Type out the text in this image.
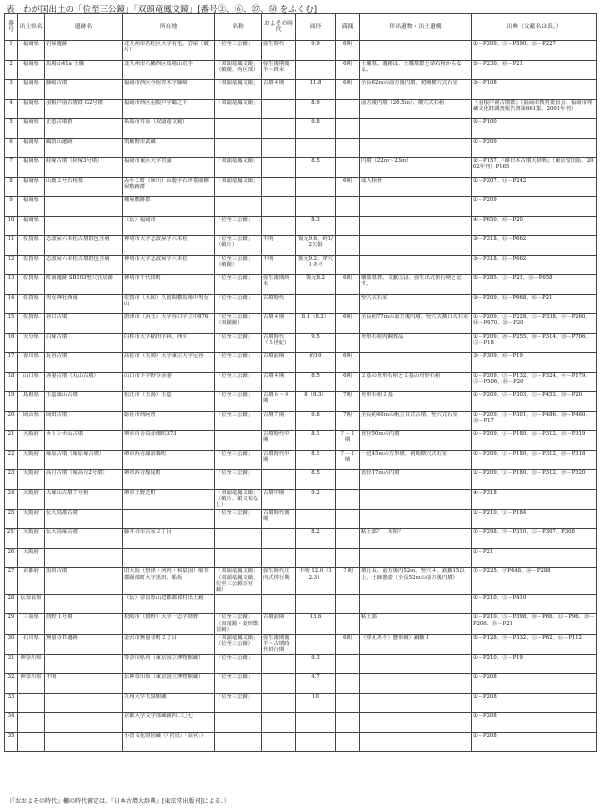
表　わが国出土の「位至三公鏡」「双頭竜鳳文鏡」[番号②、⑥、㉗、㊿ をふくむ]
番号	出土県名	遺跡名	所在地	名称	およその時代	面径	満銭	伴出遺物・出土遺構	出典（文献名は表。）
1	福岡県	岩屋遺跡	北九州市若松区大字有毛、岩屋（破片）	「位至三公鏡」	弥生時代	9.9	6期		①－P209、⑤－P590、⑪－P227
2	福岡県	馬場山41a 土壙	北九州市八幡西区馬場山荒手	「双頭竜鳳文鏡」（破鏡、内区部）	弥生後期後半～終末		6期	土壙墓。遺跡は、土壙墓群と命石棺からなる。	⑤－P230、㊺－P21
3	福岡県	藤崎古墳	福岡市西区今宿青木字藤崎	「双頭竜鳳文鏡」	古墳４期	11.8	6期	全長62ｍの前方後円墳、初期横穴式石室	③－P108
4	福岡県	羽根戸南古墳群 G2号墳	福岡市西区羽根戸字鶴之下	「双頭竜鳳文鏡」		8.9		前方後円墳（26.5ｍ）、横穴式石棺	『羽根戸南古墳群』（福岡市教育委員会、福岡市埋蔵文化財調査報告書第661集、2001年刊）
5	福岡県	正恵古墳群	糸島市井原（双頭竜文鏡）			9.8			⑤－P100
6	福岡県	鶴田山遺跡	筑紫野市武蔵						①－P209
7	福岡県	経塚古墳（経塚3号墳）	福岡市東区大字宮浦	「双頭竜鳳文鏡」		8.5		円墳（22ｍ～23ｍ）	②－P157、『維日本古墳大辞典』（東京堂出版、2002年刊）P165
8	福岡県	山鹿２号石棺墓	みやこ町（犀川）山鹿字石坪茶園種屋敷跡群	「双頭竜鳳文鏡」			6期	成人棺骨	①－P207、⑪－P242
9	福岡県		種屋敷跡群						①－P209
10	福岡県		（伝）福岡市	「位至三公鏡」		8.3			④－P650、㊺－P20
11	佐賀県	志波屋六本松古墳群包含層	神埼市大字志波屋字六本松	「位至三公鏡」（破片）	不明	復元9.6、約1/2欠損			③－P318、⑮－P662
12	佐賀県	志波屋六本松古墳群包含層	神埼市大字志波屋字六本松	「位至三公鏡」（破鏡）	不明	復元9.2、穿穴１あり			③－P318、⑮－P662
13	佐賀県	町南遺跡 SB103竪穴住居跡	神埼市千代田町	「位至三公鏡」	弥生後期終末	復元8.2	6期	壙墓墓葬。文献⑤は、弥生出式併行期と記す。	⑤－P285、②－P21、⑮－P658
14	佐賀県	男女神社西南	佐賀市（大和）久留間横馬場中男女山	「位至三公鏡」	古墳時代			竪穴式石室	③－P209、⑮－P668、㊺－P21
15	佐賀県	谷口古墳	唐津市（浜玉）大字谷口字立中876	「位至三公鏡」（双鏡鏡）	古墳４期	8.1（8.2）	6期	全長約77ｍの前方後円墳、竪穴式横口式石室	①－P209、②－P228、⑤－P338、④－P260、⑭－P670、㉖－P20
16	大分県	白塚古墳	臼杵市大字稲田字林、西平	「位至三公鏡」	古墳時代（５世紀）	9.5		舟形石棺内鋼葬品	①－P209、⑳－P255、⑳－P314、⑳－P706、⑤－P18
17	香川県	瓦谷古墳	高松市（五剣）大字東庄大字尼谷	「位至三公鏡」	古墳前期	約10	6期		③－P309、㊺－P19
18	山口県	赤妻古墳（丸山古墳）	山口市下宇野令赤妻	「位至三公鏡」	古墳４期	8.5	6期	２基の舟形石棺と１基の舟形石棺	①－P209、⑤－P132、⑤－P324、④－P179、⑤－P506、㊺－P20
19	島根県	玉造築山古墳	松江市（玉湯）玉造	「位至三公鏡」	古墳６～８期	8（8.3）	7期	舟形石棺２基	①－P209、⑤－P303、⑤－P452、㉖－P20
20	岡山県	岡田古墳	総社市西阿曽	「位至三公鏡」	古墳７期	9.8	7期	全長約40ｍの帆立貝式古墳、竪穴式石室	①－P209、③－P301、⑤－P486、⑳－P460、⑳－P17
21	大阪府	カトンボ山古墳	堺市百舌鳥赤畑町373		古墳時代中期	8.1	７－１期	直径50ｍの円墳	①－P209、①－P180、⑪－P312、⑲－P319
22	大阪府	塚原古墳（塚原塚古墳）	堺市浜寺諏訪森町	「位至三公鏡」	古墳時代中期	8.1	７－１期	一辺45ｍの方形墳、初期横穴式石室	①－P209、①－P180、⑪－P312、⑲－P318
23	大阪府	高月古墳（塚高月2号墳）	堺市浜寺船尾町	「位至三公鏡」		8.5		直径17ｍの円墳	①－P209、①－P180、⑪－P312、⑲－P320
24	大阪府	大塚山古墳７号棺	堺市上野芝町	「双頭竜鳳文鏡」（破片、絹文布なし）	古墳中期	9.2			④－P318
25	大阪府	伝大鳥郡古墳		「位至三公鏡」	古墳時代後期				①－P210、①－P184
25'	大阪府	伝大鳥塚古墳	藤井寺市古室２丁目			8.2		粘土郭？　木棺？	⑦－P298、⑨－P310、⑤－P307、P308
26	大阪府								①－P21
27	京都府	黒田古墳	旧大坂（摂津・河内・和泉国）船井郡園部町大字黒田、船坂	「双頭竜鳳文鏡」（双頭竜鳳文鏡、位至三公鏡宣官鏡）	弥生時代庄内式併行期	不明 12.0（12.3）	７期	墳丘長、前方後円52ｍ、竪穴４、鉄鏃15以上、土師器壺（全長52ｍの前方後円墳）	⑦－P225、⑨P448、⑭－P288
28	伝奈良県		（伝）奈良県山辺郡都祁村出土鏡						①－P210、⑤－P410
29	三重県	筒野１号墳	松阪市（嬉野）大字一志字筒野	「位至三公鏡」（双竜鏡・変形獣首鏡）	古墳前期	13.6		粘土郭	①－P210、⑤－P398、⑳－P66、⑪－P96、⑳－P206、⑲－P21
30	石川県	無量寺Ｂ遺跡	金沢市無量寺町２丁目	「双頭竜鳳文鏡」（位至三公鏡）	弥生後期後半～古墳時代併行期		6期	（穿孔あり）懸垂鏡）銅鏃１	⑤－P128、⑨－P332、⑤－P62、⑥－P112
31	神奈川県		等奈川県内（東京国立博物館蔵）	「位至三公鏡」		9.3			①－P210、⑤－P19
32	神奈川県	不明	伝神奈川県（東京国立博物館蔵）	「位至三公鏡」		4.7			①－P208
33			九州大学玉泉館蔵	「位至三公鏡」		10			①－P208
34			京都大学文学部蔵鏡四二〇七						①－P208
35			小倉文化財団蔵（『君宜』「高官」）						①－P208
（『おおよその時代』欄の時代審定は、『日本古墳大辞典』[東京堂出版刊]による。）
